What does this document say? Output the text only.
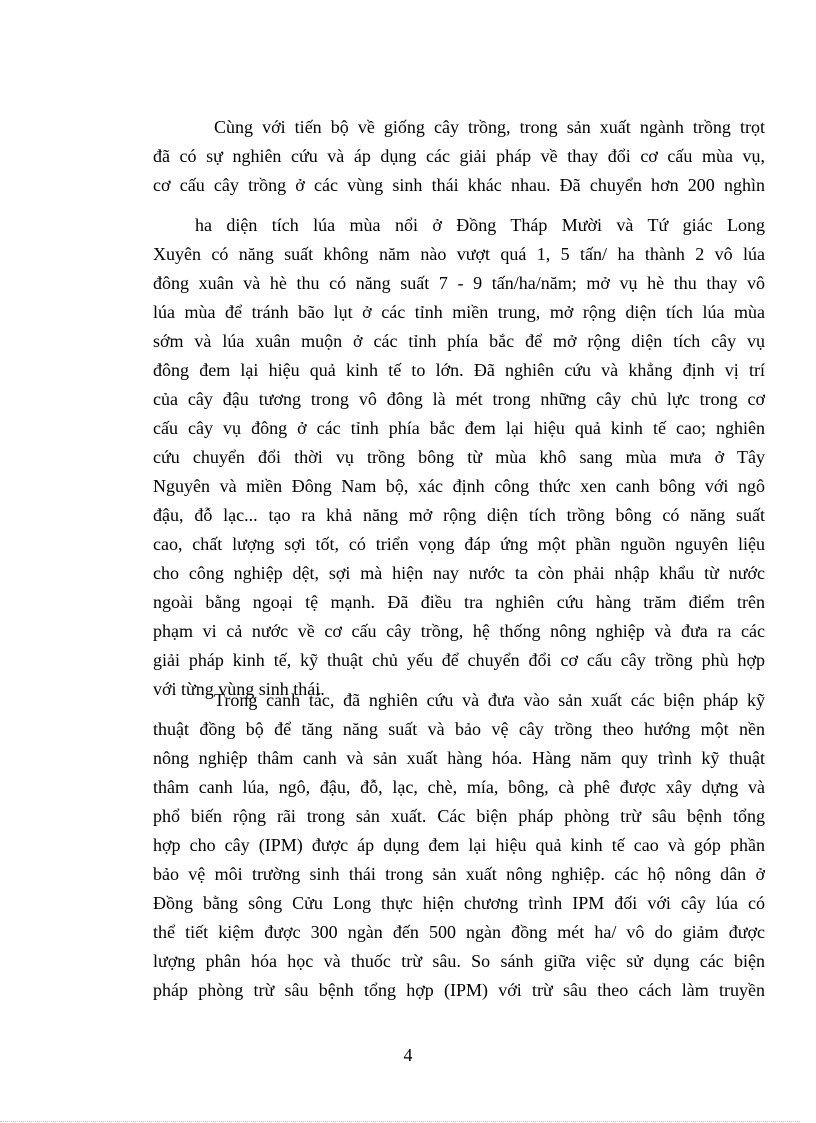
Cùng với tiến bộ về giống cây trồng, trong sản xuất ngành trồng trọt
đã có sự nghiên cứu và áp dụng các giải pháp về thay đổi cơ cấu mùa vụ,
cơ cấu cây trồng ở các vùng sinh thái khác nhau. Đã chuyển hơn 200 nghìn
ha diện tích lúa mùa nổi ở Đồng Tháp Mười và Tứ giác Long
Xuyên có năng suất không năm nào vượt quá 1, 5 tấn/ ha thành 2 vô lúa
đông xuân và hè thu có năng suất 7 - 9 tấn/ha/năm; mở vụ hè thu thay vô
lúa mùa để tránh bão lụt ở các tỉnh miền trung, mở rộng diện tích lúa mùa
sớm và lúa xuân muộn ở các tỉnh phía bắc để mở rộng diện tích cây vụ
đông đem lại hiệu quả kinh tế to lớn. Đã nghiên cứu và khẳng định vị trí
của cây đậu tương trong vô đông là mét trong những cây chủ lực trong cơ
cấu cây vụ đông ở các tỉnh phía bắc đem lại hiệu quả kinh tế cao; nghiên
cứu chuyển đổi thời vụ trồng bông từ mùa khô sang mùa mưa ở Tây
Nguyên và miền Đông Nam bộ, xác định công thức xen canh bông với ngô
đậu, đỗ lạc... tạo ra khả năng mở rộng diện tích trồng bông có năng suất
cao, chất lượng sợi tốt, có triển vọng đáp ứng một phần nguồn nguyên liệu
cho công nghiệp dệt, sợi mà hiện nay nước ta còn phải nhập khẩu từ nước
ngoài bằng ngoại tệ mạnh. Đã điều tra nghiên cứu hàng trăm điểm trên
phạm vi cả nước về cơ cấu cây trồng, hệ thống nông nghiệp và đưa ra các
giải pháp kinh tế, kỹ thuật chủ yếu để chuyển đổi cơ cấu cây trồng phù hợp
với từng vùng sinh thái.
Trong canh tác, đã nghiên cứu và đưa vào sản xuất các biện pháp kỹ
thuật đồng bộ để tăng năng suất và bảo vệ cây trồng theo hướng một nền
nông nghiệp thâm canh và sản xuất hàng hóa. Hàng năm quy trình kỹ thuật
thâm canh lúa, ngô, đậu, đỗ, lạc, chè, mía, bông, cà phê được xây dựng và
phổ biến rộng rãi trong sản xuất. Các biện pháp phòng trừ sâu bệnh tổng
hợp cho cây (IPM) được áp dụng đem lại hiệu quả kinh tế cao và góp phần
bảo vệ môi trường sinh thái trong sản xuất nông nghiệp. các hộ nông dân ở
Đồng bằng sông Cửu Long thực hiện chương trình IPM đối với cây lúa có
thể tiết kiệm được 300 ngàn đến 500 ngàn đồng mét ha/ vô do giảm được
lượng phân hóa học và thuốc trừ sâu. So sánh giữa việc sử dụng các biện
pháp phòng trừ sâu bệnh tổng hợp (IPM) với trừ sâu theo cách làm truyền
4
